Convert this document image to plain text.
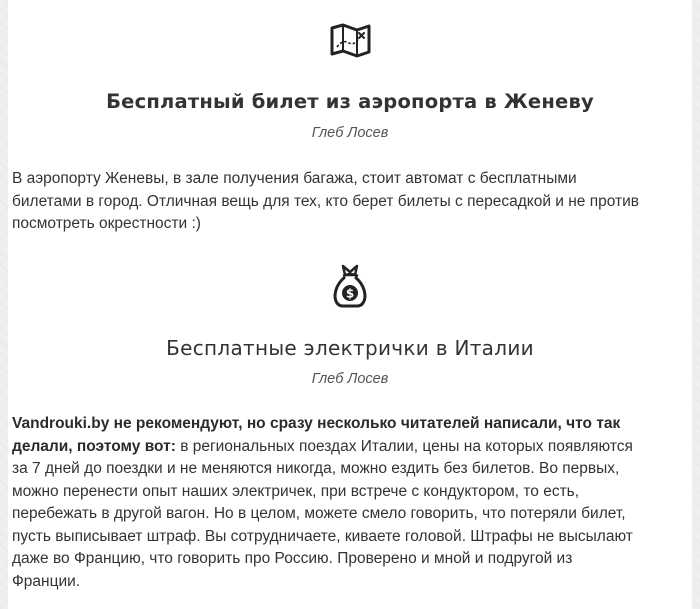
Бесплатный билет из аэропорта в Женеву
Глеб Лосев
В аэропорту Женевы, в зале получения багажа, стоит автомат с бесплатными
билетами в город. Отличная вещь для тех, кто берет билеты с пересадкой и не против
посмотреть окрестности :)
$
Бесплатные электрички в Италии
Глеб Лосев
Vandrouki.by не рекомендуют, но сразу несколько читателей написали, что так
делали, поэтому вот: в региональных поездах Италии, цены на которых появляются
за 7 дней до поездки и не меняются никогда, можно ездить без билетов. Во первых,
можно перенести опыт наших электричек, при встрече с кондуктором, то есть,
перебежать в другой вагон. Но в целом, можете смело говорить, что потеряли билет,
пусть выписывает штраф. Вы сотрудничаете, киваете головой. Штрафы не высылают
даже во Францию, что говорить про Россию. Проверено и мной и подругой из
Франции.
